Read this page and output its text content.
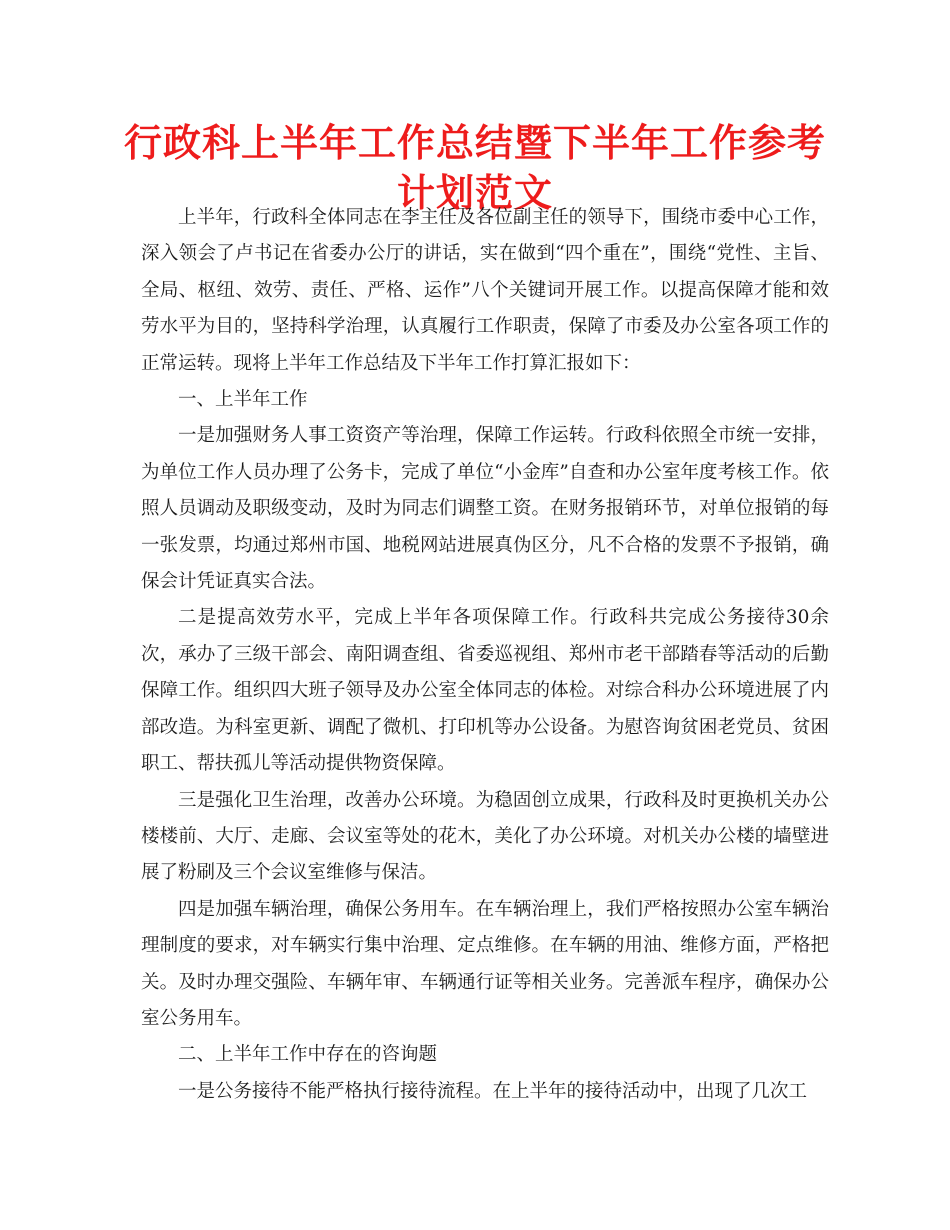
行政科上半年工作总结暨下半年工作参考计划范文

上半年，行政科全体同志在李主任及各位副主任的领导下，围绕市委中心工作，深入领会了卢书记在省委办公厅的讲话，实在做到“四个重在”，围绕“党性、主旨、全局、枢纽、效劳、责任、严格、运作”八个关键词开展工作。以提高保障才能和效劳水平为目的，坚持科学治理，认真履行工作职责，保障了市委及办公室各项工作的正常运转。现将上半年工作总结及下半年工作打算汇报如下：

一、上半年工作

一是加强财务人事工资资产等治理，保障工作运转。行政科依照全市统一安排，为单位工作人员办理了公务卡，完成了单位“小金库”自查和办公室年度考核工作。依照人员调动及职级变动，及时为同志们调整工资。在财务报销环节，对单位报销的每一张发票，均通过郑州市国、地税网站进展真伪区分，凡不合格的发票不予报销，确保会计凭证真实合法。

二是提高效劳水平，完成上半年各项保障工作。行政科共完成公务接待30余次，承办了三级干部会、南阳调查组、省委巡视组、郑州市老干部踏春等活动的后勤保障工作。组织四大班子领导及办公室全体同志的体检。对综合科办公环境进展了内部改造。为科室更新、调配了微机、打印机等办公设备。为慰咨询贫困老党员、贫困职工、帮扶孤儿等活动提供物资保障。

三是强化卫生治理，改善办公环境。为稳固创立成果，行政科及时更换机关办公楼楼前、大厅、走廊、会议室等处的花木，美化了办公环境。对机关办公楼的墙壁进展了粉刷及三个会议室维修与保洁。

四是加强车辆治理，确保公务用车。在车辆治理上，我们严格按照办公室车辆治理制度的要求，对车辆实行集中治理、定点维修。在车辆的用油、维修方面，严格把关。及时办理交强险、车辆年审、车辆通行证等相关业务。完善派车程序，确保办公室公务用车。

二、上半年工作中存在的咨询题

一是公务接待不能严格执行接待流程。在上半年的接待活动中，出现了几次工
